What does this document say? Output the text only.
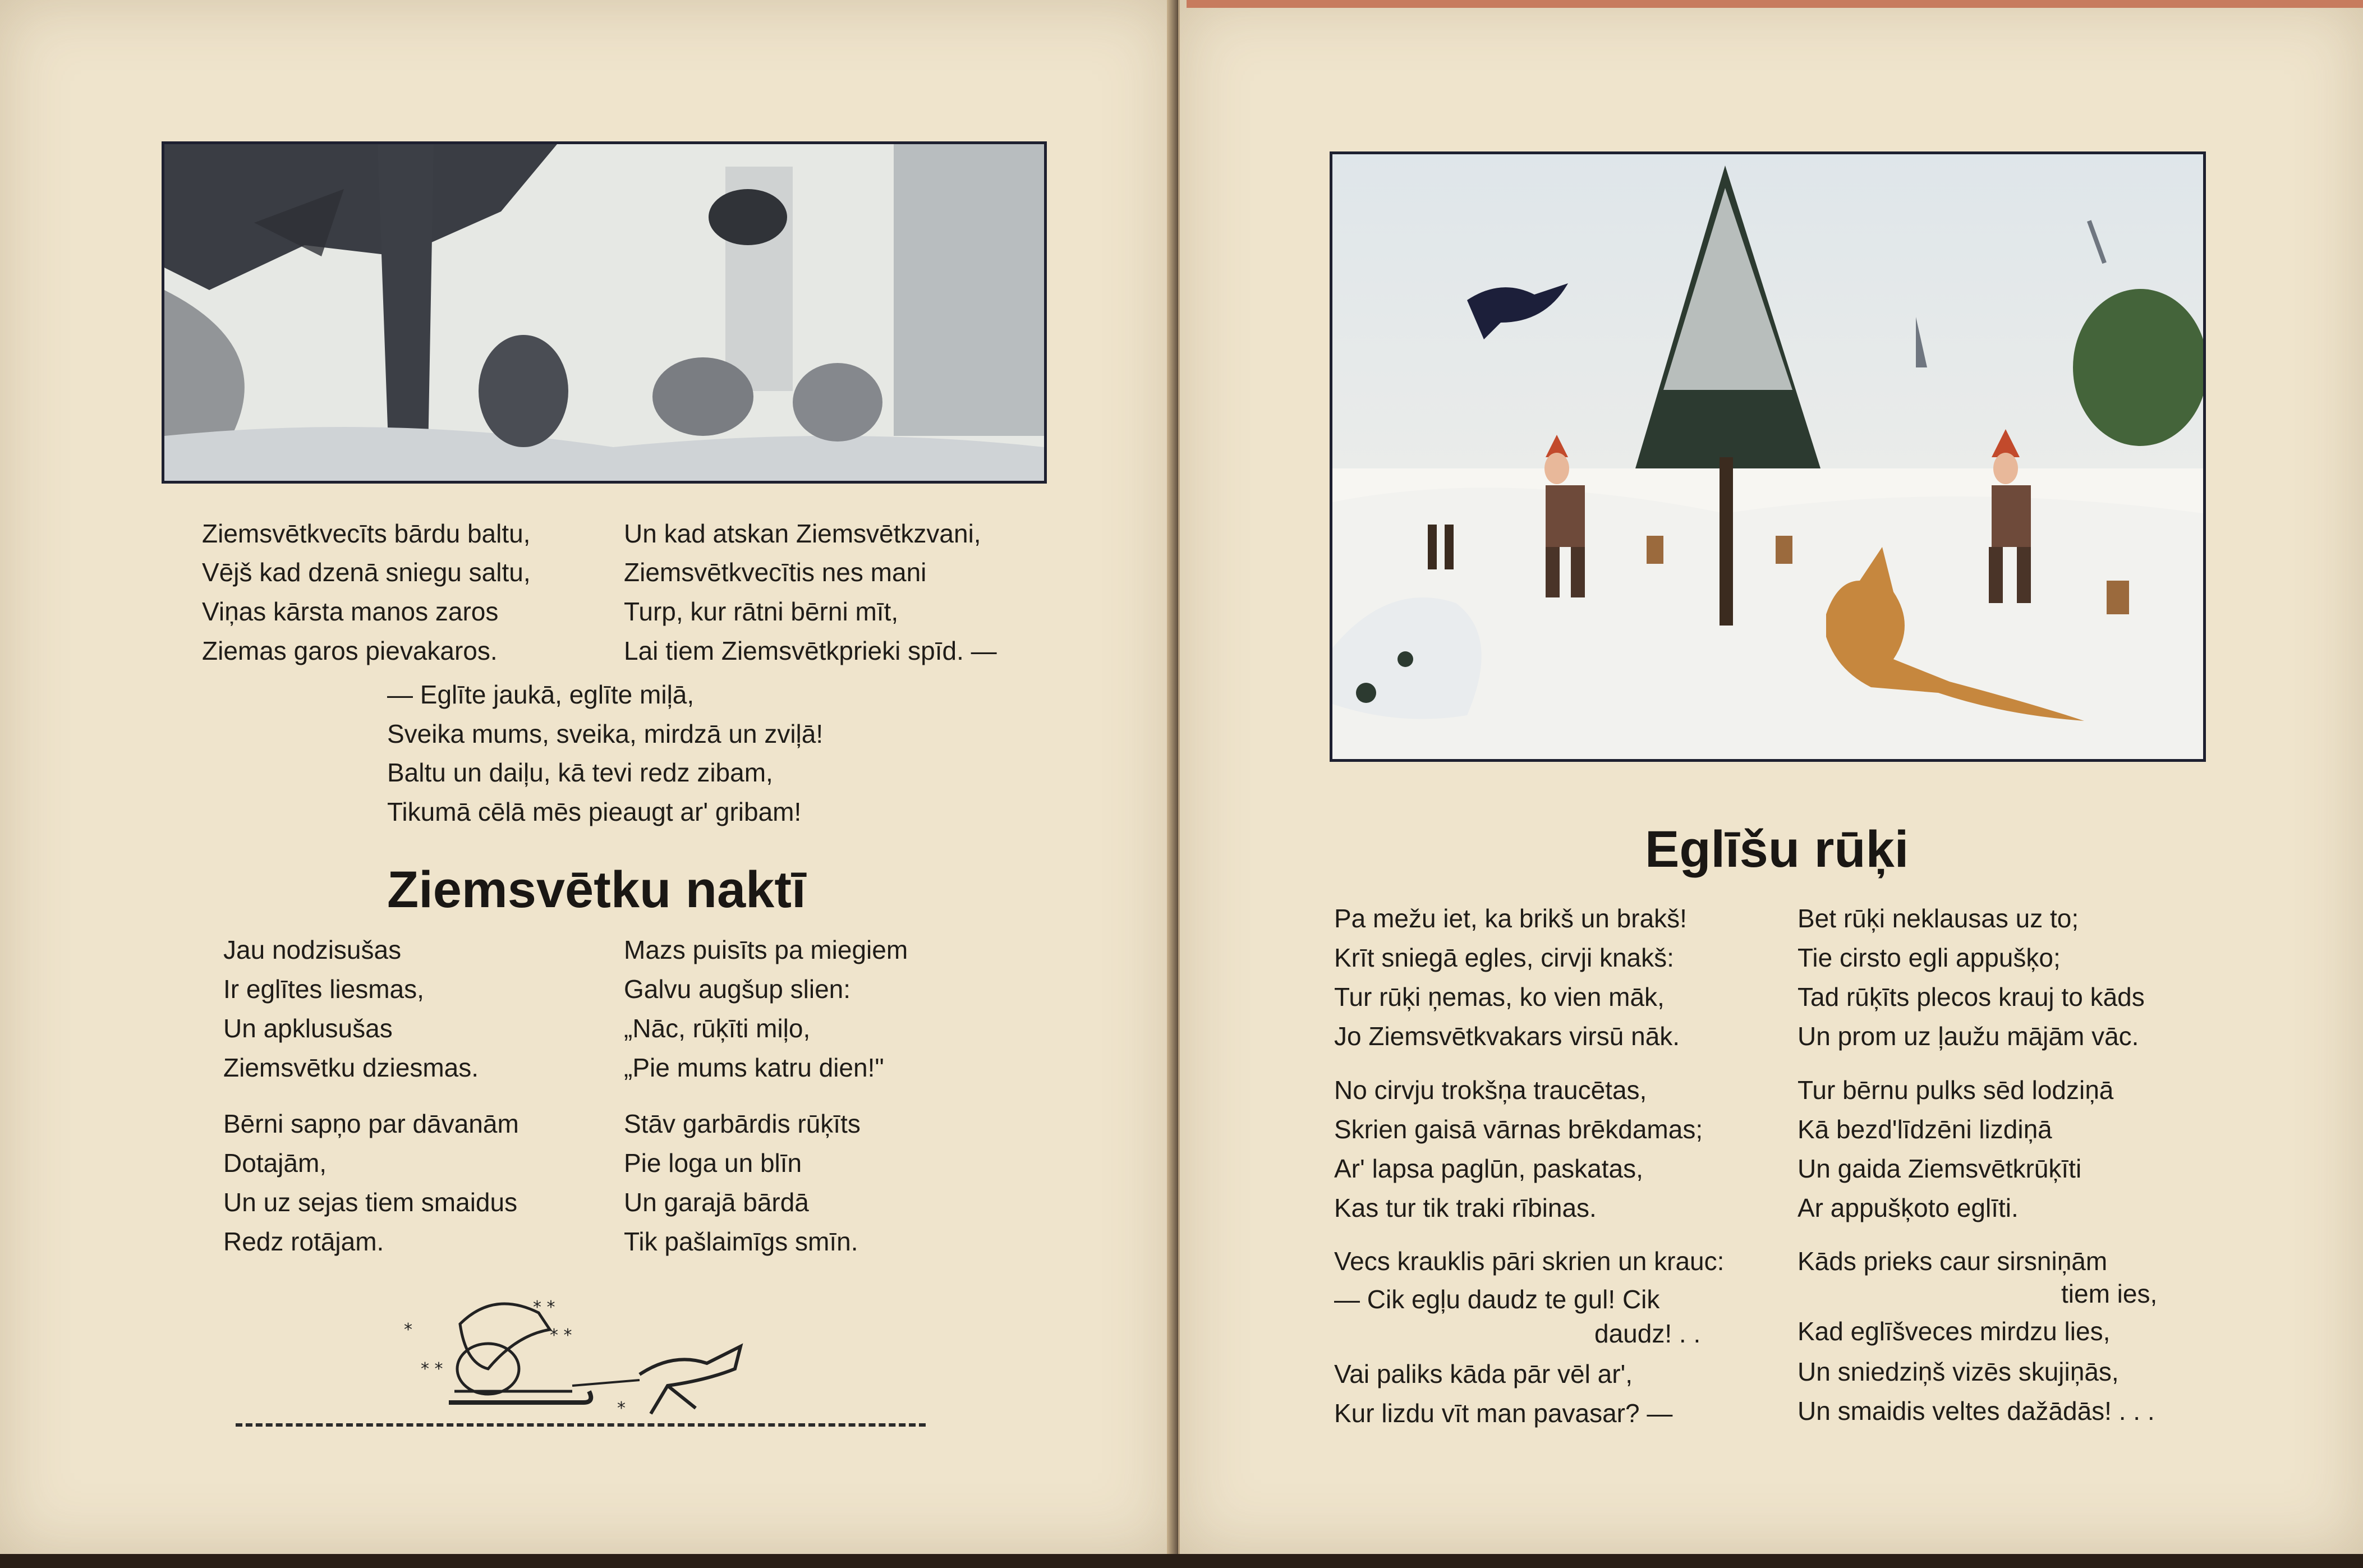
Ziemsvētkvecīts bārdu baltu,
Vējš kad dzenā sniegu saltu,
Viņas kārsta manos zaros
Ziemas garos pievakaros.
Un kad atskan Ziemsvētkzvani,
Ziemsvētkvecītis nes mani
Turp, kur rātni bērni mīt,
Lai tiem Ziemsvētkprieki spīd. —
— Eglīte jaukā, eglīte miļā,
Sveika mums, sveika, mirdzā un zviļā!
Baltu un daiļu, kā tevi redz zibam,
Tikumā cēlā mēs pieaugt ar' gribam!
Ziemsvētku naktī
Jau nodzisušas
Ir eglītes liesmas,
Un apklusušas
Ziemsvētku dziesmas.
Mazs puisīts pa miegiem
Galvu augšup slien:
„Nāc, rūķīti miļo,
„Pie mums katru dien!"
Bērni sapņo par dāvanām
Dotajām,
Un uz sejas tiem smaidus
Redz rotājam.
Stāv garbārdis rūķīts
Pie loga un blīn
Un garajā bārdā
Tik pašlaimīgs smīn.
* *
* *
* *
*
*
Eglīšu rūķi
Pa mežu iet, ka brikš un brakš!
Krīt sniegā egles, cirvji knakš:
Tur rūķi ņemas, ko vien māk,
Jo Ziemsvētkvakars virsū nāk.
No cirvju trokšņa traucētas,
Skrien gaisā vārnas brēkdamas;
Ar' lapsa paglūn, paskatas,
Kas tur tik traki rībinas.
Vecs krauklis pāri skrien un krauc:
— Cik egļu daudz te gul! Cik
daudz! . .
Vai paliks kāda pār vēl ar',
Kur lizdu vīt man pavasar? —
Bet rūķi neklausas uz to;
Tie cirsto egli appušķo;
Tad rūķīts plecos krauj to kāds
Un prom uz ļaužu mājām vāc.
Tur bērnu pulks sēd lodziņā
Kā bezd'līdzēni lizdiņā
Un gaida Ziemsvētkrūķīti
Ar appušķoto eglīti.
Kāds prieks caur sirsniņām
tiem ies,
Kad eglīšveces mirdzu lies,
Un sniedziņš vizēs skujiņās,
Un smaidis veltes dažādās! . . .
